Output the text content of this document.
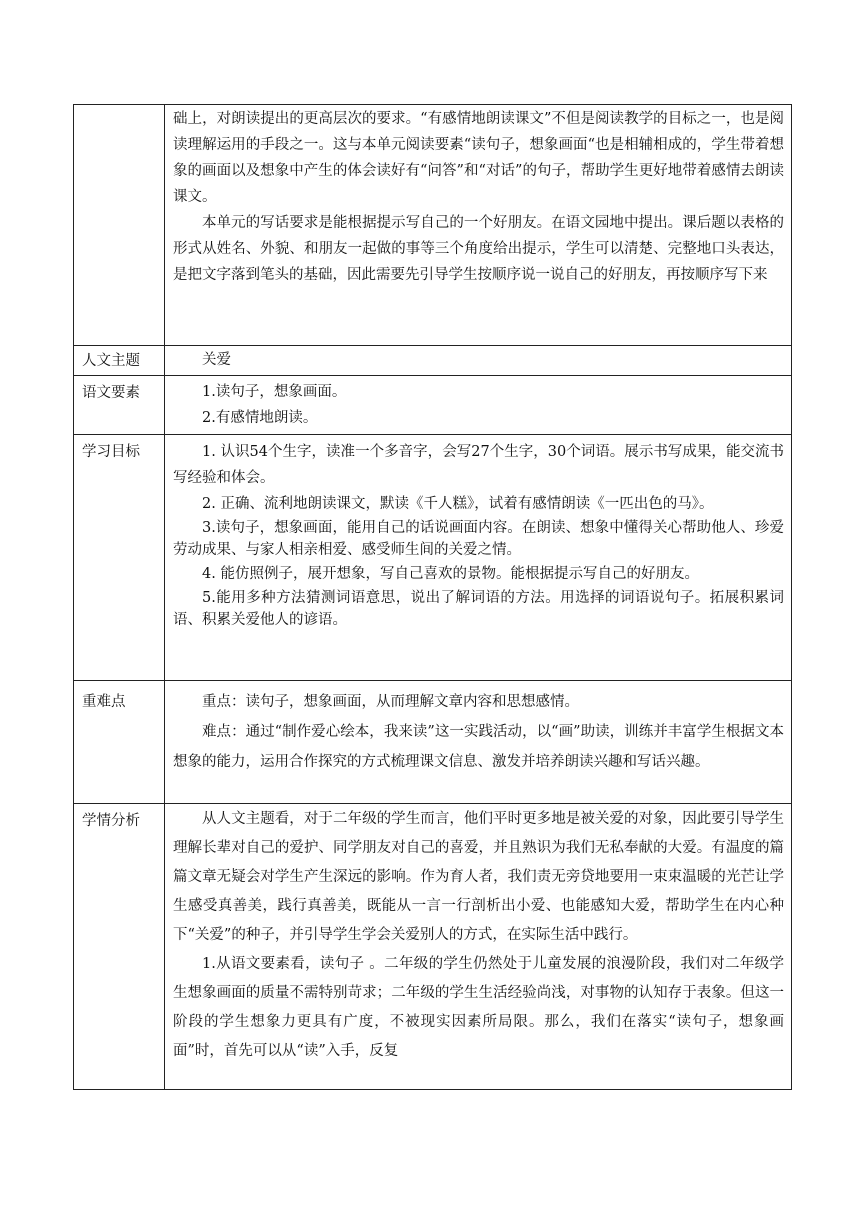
	础上，对朗读提出的更高层次的要求。“有感情地朗读课文”不但是阅读教学的目标之一，也是阅读理解运用的手段之一。这与本单元阅读要素“读句子，想象画面“也是相辅相成的，学生带着想象的画面以及想象中产生的体会读好有“问答”和“对话”的句子，帮助学生更好地带着感情去朗读课文。

本单元的写话要求是能根据提示写自己的一个好朋友。在语文园地中提出。课后题以表格的形式从姓名、外貌、和朋友一起做的事等三个角度给出提示，学生可以清楚、完整地口头表达，是把文字落到笔头的基础，因此需要先引导学生按顺序说一说自己的好朋友，再按顺序写下来

人文主题	关爱

语文要素	1.读句子，想象画面。

2.有感情地朗读。

学习目标	1. 认识54个生字，读准一个多音字，会写27个生字，30个词语。展示书写成果，能交流书写经验和体会。

2. 正确、流利地朗读课文，默读《千人糕》，试着有感情朗读《一匹出色的马》。

3.读句子，想象画面，能用自己的话说画面内容。在朗读、想象中懂得关心帮助他人、珍爱劳动成果、与家人相亲相爱、感受师生间的关爱之情。

4. 能仿照例子，展开想象，写自己喜欢的景物。能根据提示写自己的好朋友。

5.能用多种方法猜测词语意思，说出了解词语的方法。用选择的词语说句子。拓展积累词语、积累关爱他人的谚语。

重难点	重点：读句子，想象画面，从而理解文章内容和思想感情。

难点：通过“制作爱心绘本，我来读”这一实践活动，以“画”助读，训练并丰富学生根据文本想象的能力，运用合作探究的方式梳理课文信息、激发并培养朗读兴趣和写话兴趣。

学情分析	从人文主题看，对于二年级的学生而言，他们平时更多地是被关爱的对象，因此要引导学生理解长辈对自己的爱护、同学朋友对自己的喜爱，并且熟识为我们无私奉献的大爱。有温度的篇篇文章无疑会对学生产生深远的影响。作为育人者，我们责无旁贷地要用一束束温暖的光芒让学生感受真善美，践行真善美，既能从一言一行剖析出小爱、也能感知大爱，帮助学生在内心种下“关爱”的种子，并引导学生学会关爱别人的方式，在实际生活中践行。

1.从语文要素看，读句子 。二年级的学生仍然处于儿童发展的浪漫阶段，我们对二年级学生想象画面的质量不需特别苛求；二年级的学生生活经验尚浅，对事物的认知存于表象。但这一阶段的学生想象力更具有广度，不被现实因素所局限。那么，我们在落实“读句子，想象画面”时，首先可以从“读”入手，反复
